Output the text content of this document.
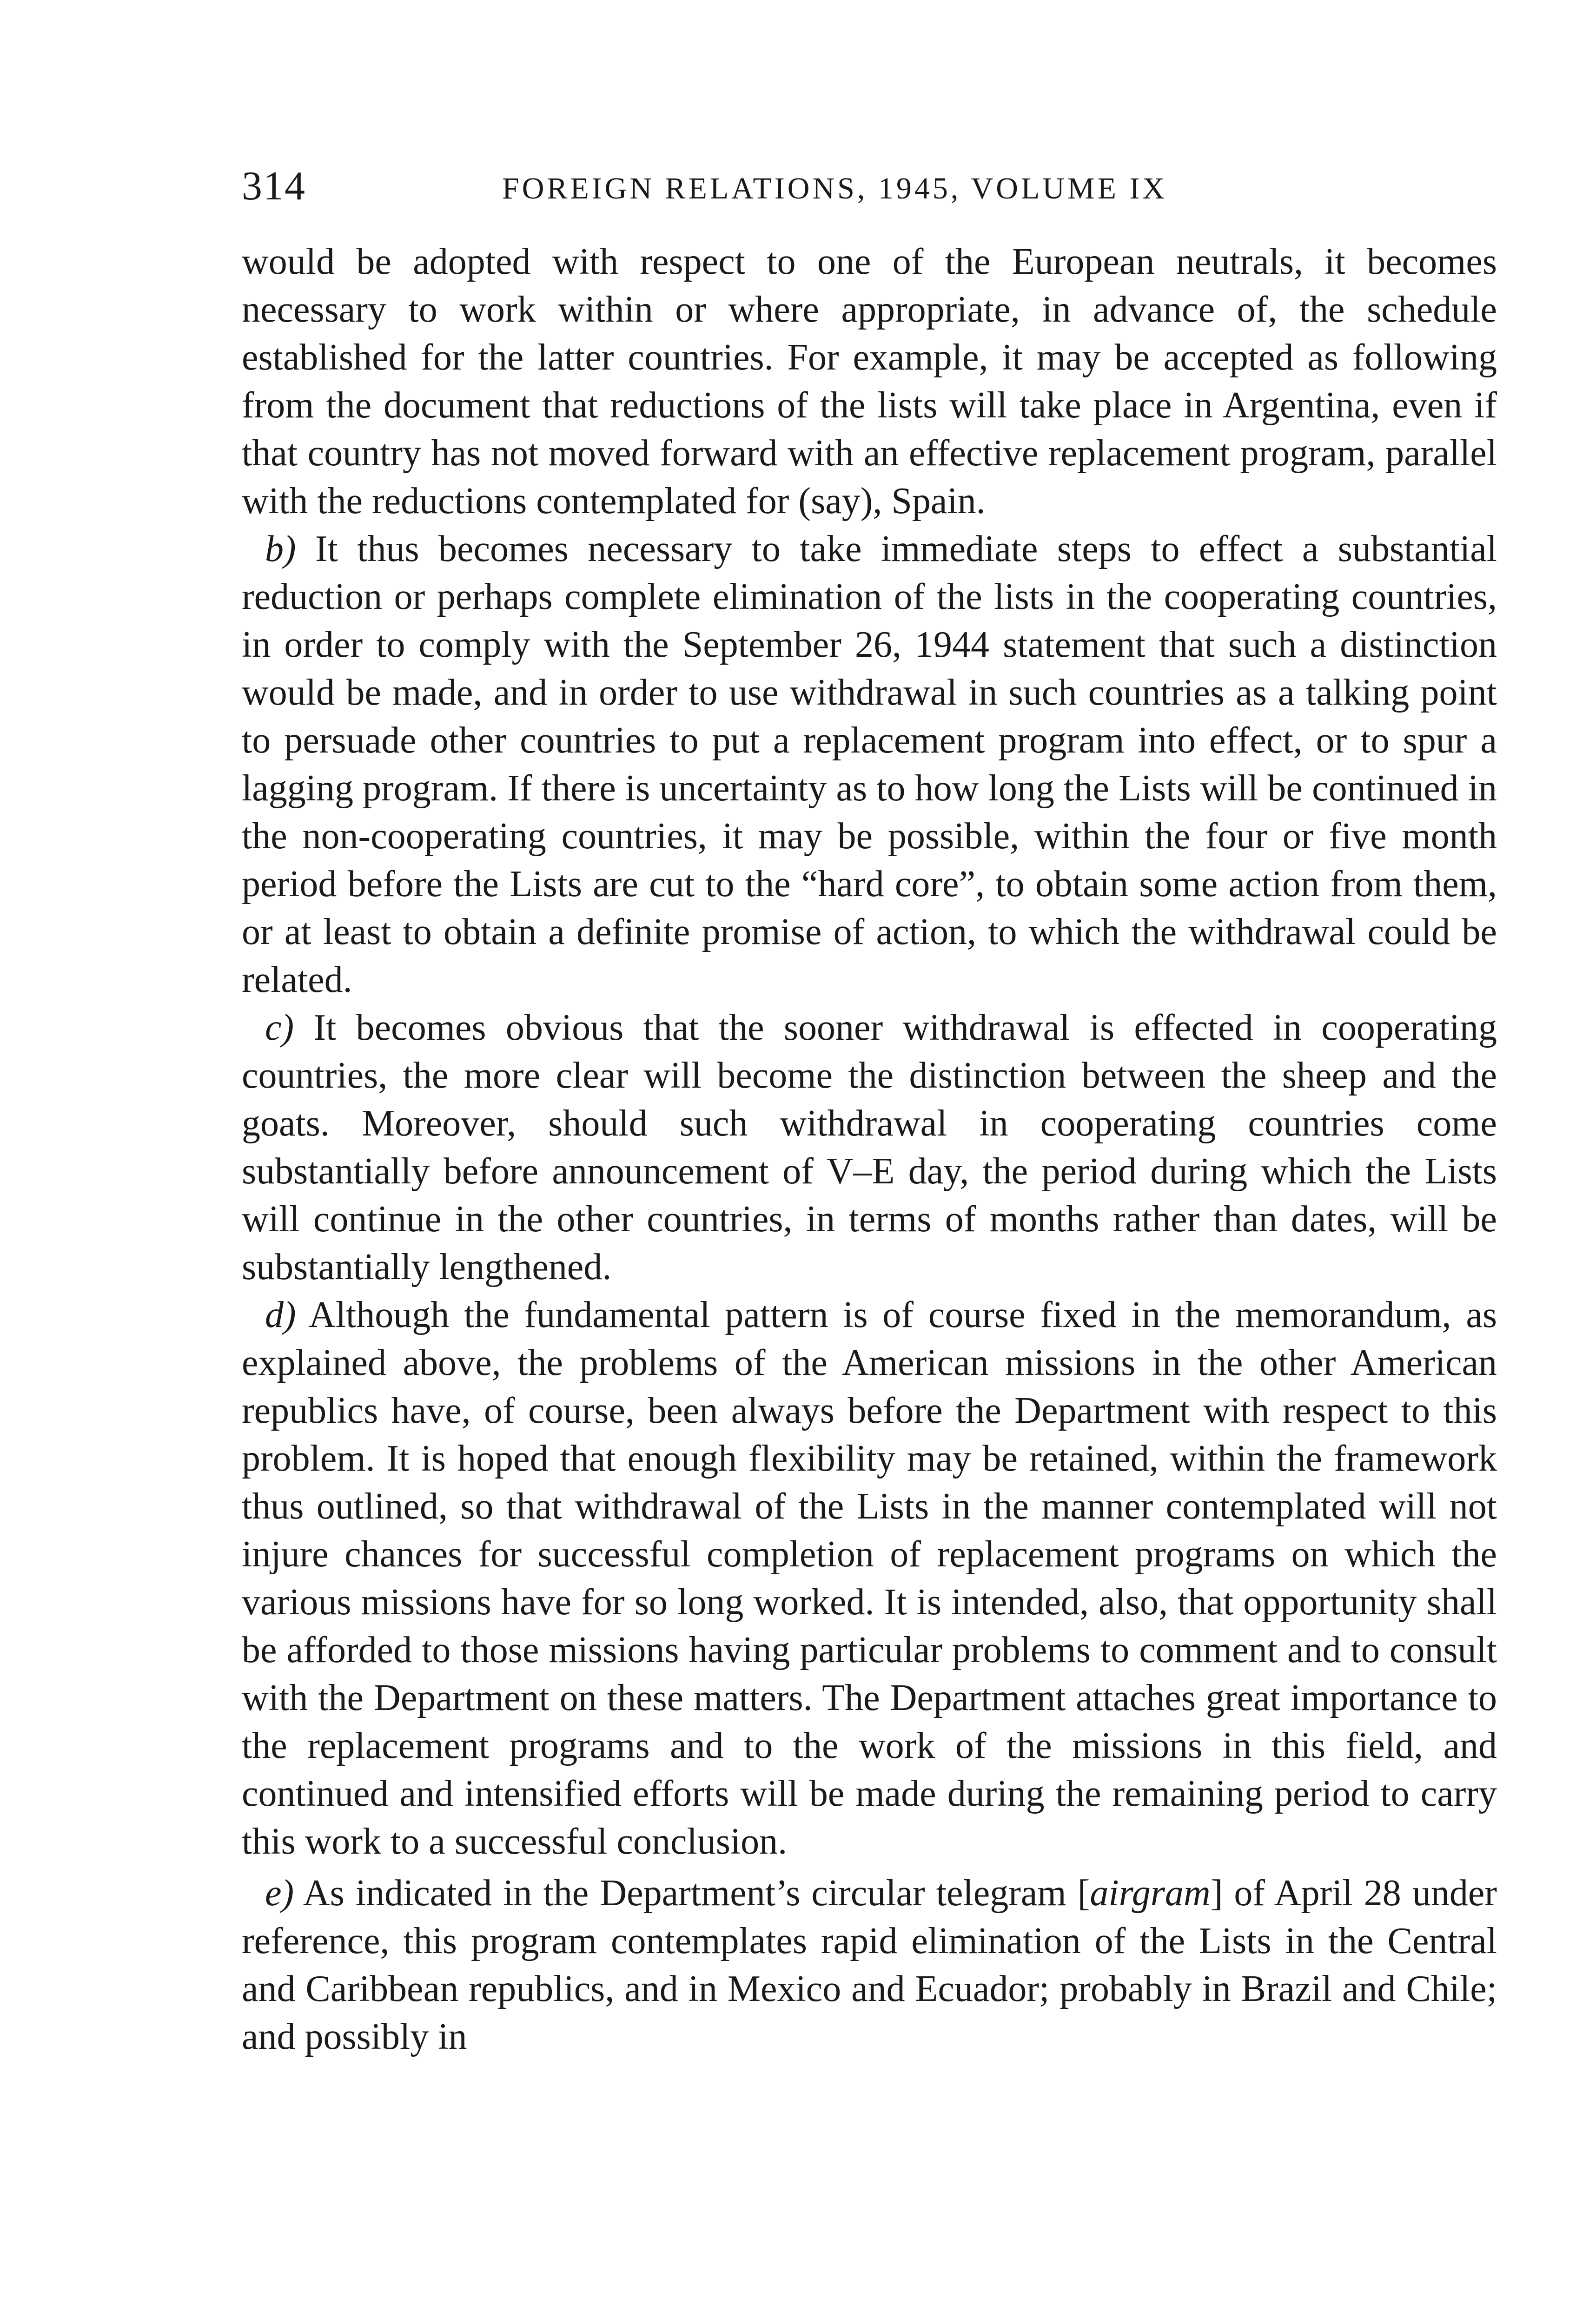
314	FOREIGN RELATIONS, 1945, VOLUME IX

would be adopted with respect to one of the European neutrals, it becomes necessary to work within or where appropriate, in advance of, the schedule established for the latter countries. For example, it may be accepted as following from the document that reductions of the lists will take place in Argentina, even if that country has not moved forward with an effective replacement program, parallel with the reductions contemplated for (say), Spain.

b) It thus becomes necessary to take immediate steps to effect a substantial reduction or perhaps complete elimination of the lists in the cooperating countries, in order to comply with the September 26, 1944 statement that such a distinction would be made, and in order to use withdrawal in such countries as a talking point to persuade other countries to put a replacement program into effect, or to spur a lagging program. If there is uncertainty as to how long the Lists will be continued in the non-cooperating countries, it may be possible, within the four or five month period before the Lists are cut to the “hard core”, to obtain some action from them, or at least to obtain a definite promise of action, to which the withdrawal could be related.

c) It becomes obvious that the sooner withdrawal is effected in cooperating countries, the more clear will become the distinction between the sheep and the goats. Moreover, should such withdrawal in cooperating countries come substantially before announcement of V–E day, the period during which the Lists will continue in the other countries, in terms of months rather than dates, will be substantially lengthened.

d) Although the fundamental pattern is of course fixed in the memorandum, as explained above, the problems of the American missions in the other American republics have, of course, been always before the Department with respect to this problem. It is hoped that enough flexibility may be retained, within the framework thus outlined, so that withdrawal of the Lists in the manner contemplated will not injure chances for successful completion of replacement programs on which the various missions have for so long worked. It is intended, also, that opportunity shall be afforded to those missions having particular problems to comment and to consult with the Department on these matters. The Department attaches great importance to the replacement programs and to the work of the missions in this field, and continued and intensified efforts will be made during the remaining period to carry this work to a successful conclusion.

e) As indicated in the Department’s circular telegram [airgram] of April 28 under reference, this program contemplates rapid elimination of the Lists in the Central and Caribbean republics, and in Mexico and Ecuador; probably in Brazil and Chile; and possibly in
